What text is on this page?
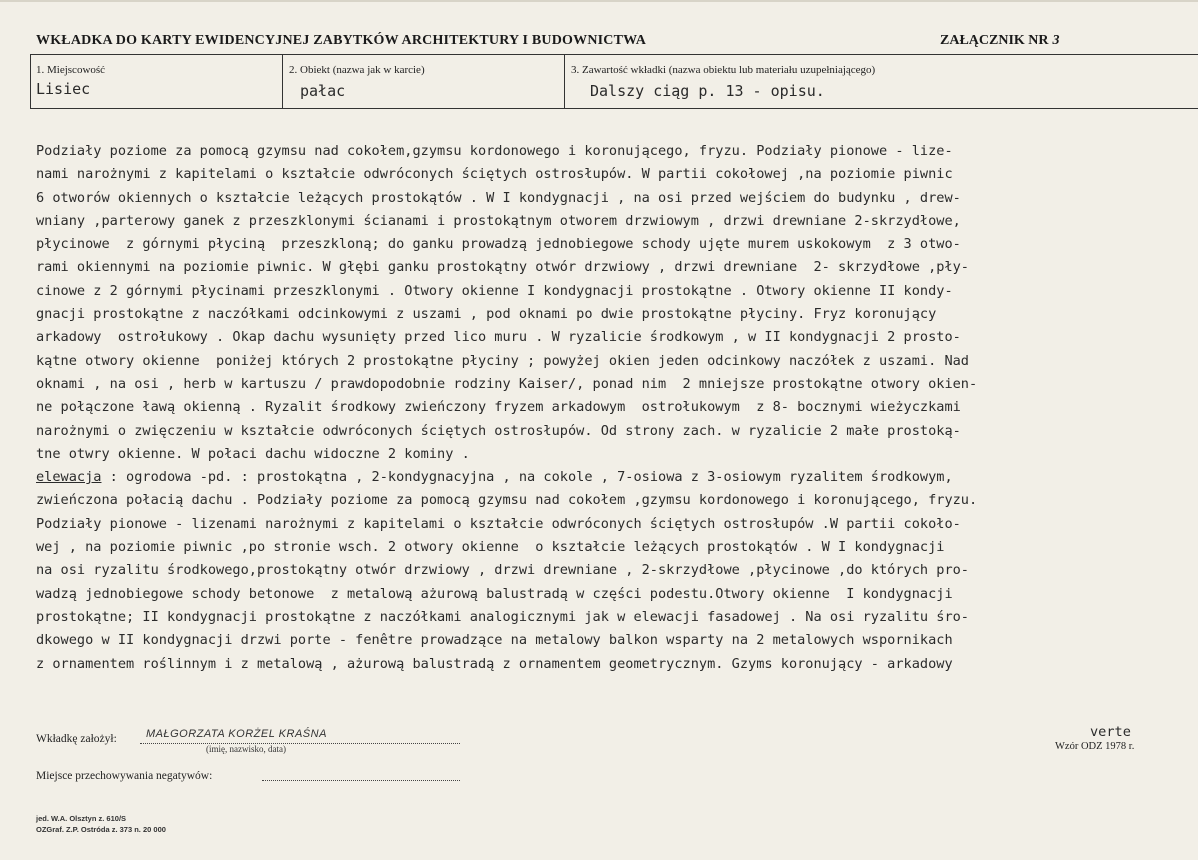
WKŁADKA DO KARTY EWIDENCYJNEJ ZABYTKÓW ARCHITEKTURY I BUDOWNICTWA	ZAŁĄCZNIK NR 3
1. Miejscowość
Lisiec
2. Obiekt (nazwa jak w karcie)
pałac
3. Zawartość wkładki (nazwa obiektu lub materiału uzupełniającego)
Dalszy ciąg p. 13 - opisu.
Podziały poziome za pomocą gzymsu nad cokołem,gzymsu kordonowego i koronującego, fryzu. Podziały pionowe - lize-
nami narożnymi z kapitelami o kształcie odwróconych ściętych ostrosłupów. W partii cokołowej ,na poziomie piwnic
6 otworów okiennych o kształcie leżących prostokątów . W I kondygnacji , na osi przed wejściem do budynku , drew-
wniany ,parterowy ganek z przeszklonymi ścianami i prostokątnym otworem drzwiowym , drzwi drewniane 2-skrzydłowe,
płycinowe  z górnymi płyciną  przeszkloną; do ganku prowadzą jednobiegowe schody ujęte murem uskokowym  z 3 otwo-
rami okiennymi na poziomie piwnic. W głębi ganku prostokątny otwór drzwiowy , drzwi drewniane  2- skrzydłowe ,pły-
cinowe z 2 górnymi płycinami przeszklonymi . Otwory okienne I kondygnacji prostokątne . Otwory okienne II kondy-
gnacji prostokątne z naczółkami odcinkowymi z uszami , pod oknami po dwie prostokątne płyciny. Fryz koronujący
arkadowy  ostrołukowy . Okap dachu wysunięty przed lico muru . W ryzalicie środkowym , w II kondygnacji 2 prosto-
kątne otwory okienne  poniżej których 2 prostokątne płyciny ; powyżej okien jeden odcinkowy naczółek z uszami. Nad
oknami , na osi , herb w kartuszu / prawdopodobnie rodziny Kaiser/, ponad nim  2 mniejsze prostokątne otwory okien-
ne połączone ławą okienną . Ryzalit środkowy zwieńczony fryzem arkadowym  ostrołukowym  z 8- bocznymi wieżyczkami
narożnymi o zwięczeniu w kształcie odwróconych ściętych ostrosłupów. Od strony zach. w ryzalicie 2 małe prostoką-
tne otwry okienne. W połaci dachu widoczne 2 kominy .
elewacja : ogrodowa -pd. : prostokątna , 2-kondygnacyjna , na cokole , 7-osiowa z 3-osiowym ryzalitem środkowym,
zwieńczona połacią dachu . Podziały poziome za pomocą gzymsu nad cokołem ,gzymsu kordonowego i koronującego, fryzu.
Podziały pionowe - lizenami narożnymi z kapitelami o kształcie odwróconych ściętych ostrosłupów .W partii cokoło-
wej , na poziomie piwnic ,po stronie wsch. 2 otwory okienne  o kształcie leżących prostokątów . W I kondygnacji
na osi ryzalitu środkowego,prostokątny otwór drzwiowy , drzwi drewniane , 2-skrzydłowe ,płycinowe ,do których pro-
wadzą jednobiegowe schody betonowe  z metalową ażurową balustradą w części podestu.Otwory okienne  I kondygnacji
prostokątne; II kondygnacji prostokątne z naczółkami analogicznymi jak w elewacji fasadowej . Na osi ryzalitu śro-
dkowego w II kondygnacji drzwi porte - fenêtre prowadzące na metalowy balkon wsparty na 2 metalowych wspornikach
z ornamentem roślinnym i z metalową , ażurową balustradą z ornamentem geometrycznym. Gzyms koronujący - arkadowy
Wkładkę założył:	MAŁGORZATA KORŻEL KRAŚNA
(imię, nazwisko, data)
verte
Wzór ODZ 1978 r.
Miejsce przechowywania negatywów:
jed. W.A. Olsztyn z. 610/S
OZGraf. Z.P. Ostróda z. 373 n. 20 000
